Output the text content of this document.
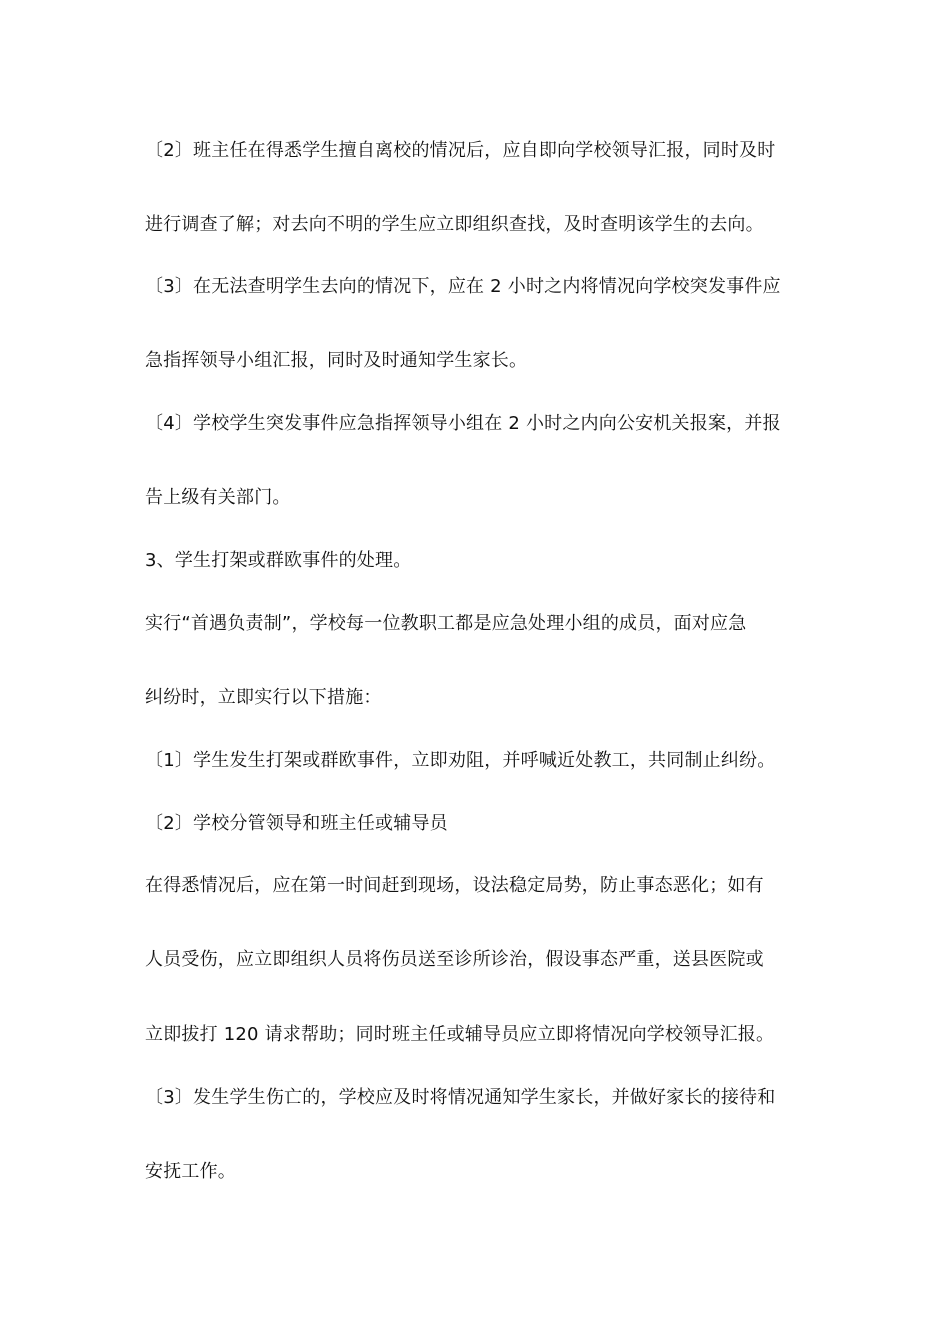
〔2〕班主任在得悉学生擅自离校的情况后，应自即向学校领导汇报，同时及时
进行调查了解；对去向不明的学生应立即组织查找，及时查明该学生的去向。
〔3〕在无法查明学生去向的情况下，应在 2 小时之内将情况向学校突发事件应
急指挥领导小组汇报，同时及时通知学生家长。
〔4〕学校学生突发事件应急指挥领导小组在 2 小时之内向公安机关报案，并报
告上级有关部门。
3、学生打架或群欧事件的处理。
实行“首遇负责制”，学校每一位教职工都是应急处理小组的成员，面对应急
纠纷时，立即实行以下措施：
〔1〕学生发生打架或群欧事件，立即劝阻，并呼喊近处教工，共同制止纠纷。
〔2〕学校分管领导和班主任或辅导员
在得悉情况后，应在第一时间赶到现场，设法稳定局势，防止事态恶化；如有
人员受伤，应立即组织人员将伤员送至诊所诊治，假设事态严重，送县医院或
立即拔打 120 请求帮助；同时班主任或辅导员应立即将情况向学校领导汇报。
〔3〕发生学生伤亡的，学校应及时将情况通知学生家长，并做好家长的接待和
安抚工作。
